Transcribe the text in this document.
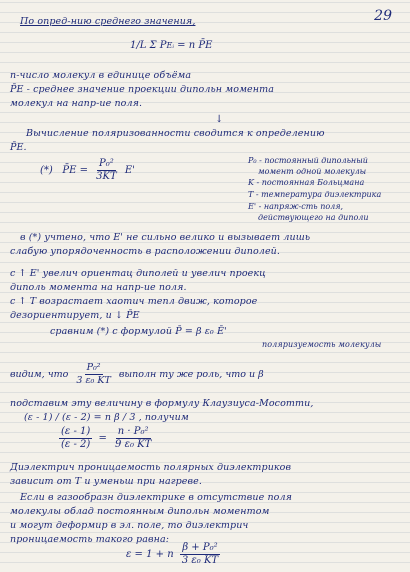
29
По опред-нию среднего значения,
1/L Σ PEᵢ = n P̄E
n-число молекул в единице объёма
P̄E - среднее значение проекции дипольн момента
молекул на напр-ие поля.
↓
Вычисление поляризованности сводится к определению
P̄E.
(*) P̄E = $\frac{\text{P₀²}}{3KT} E'$
P₀ - постоянный дипольный
момент одной молекулы
K - постоянная Больцмана
T - температура диэлектрика
E' - напряж-сть поля,
действующего на диполи
в (*) учтено, что E' не сильно велико и вызывает лишь
слабую упорядоченность в расположении диполей.
с ↑ E' увелич ориентац диполей и увелич проекц
диполь момента на напр-ие поля.
с ↑ T возрастает хаотич тепл движ, которое
дезориентирует, и ↓ P̄E
сравним (*) с формулой P̄ = β ε₀ Ē'
поляризуемость молекулы
видим, что $\frac{\text{P₀²}}{\text{3 ε₀ KT}}$ выполн ту же роль, что и β
подставим эту величину в формулу Клаузиуса-Мосотти,
(ε - 1) / (ε - 2) = n β / 3 , получим
$\frac{(\varepsilon - 1)}{(\varepsilon - 2)} = \frac{\text{n · P₀²}}{\text{9 ε₀ KT}}$
Диэлектрич проницаемость полярных диэлектриков
зависит от T и уменьш при нагреве.
Если в газообразн диэлектрике в отсутствие поля
молекулы облад постоянным дипольн моментом
и могут деформир в эл. поле, то диэлектрич
проницаемость такого равна:
ε = 1 + n $\frac{\text{β + P₀²}}{\text{3 ε₀ KT}}$
